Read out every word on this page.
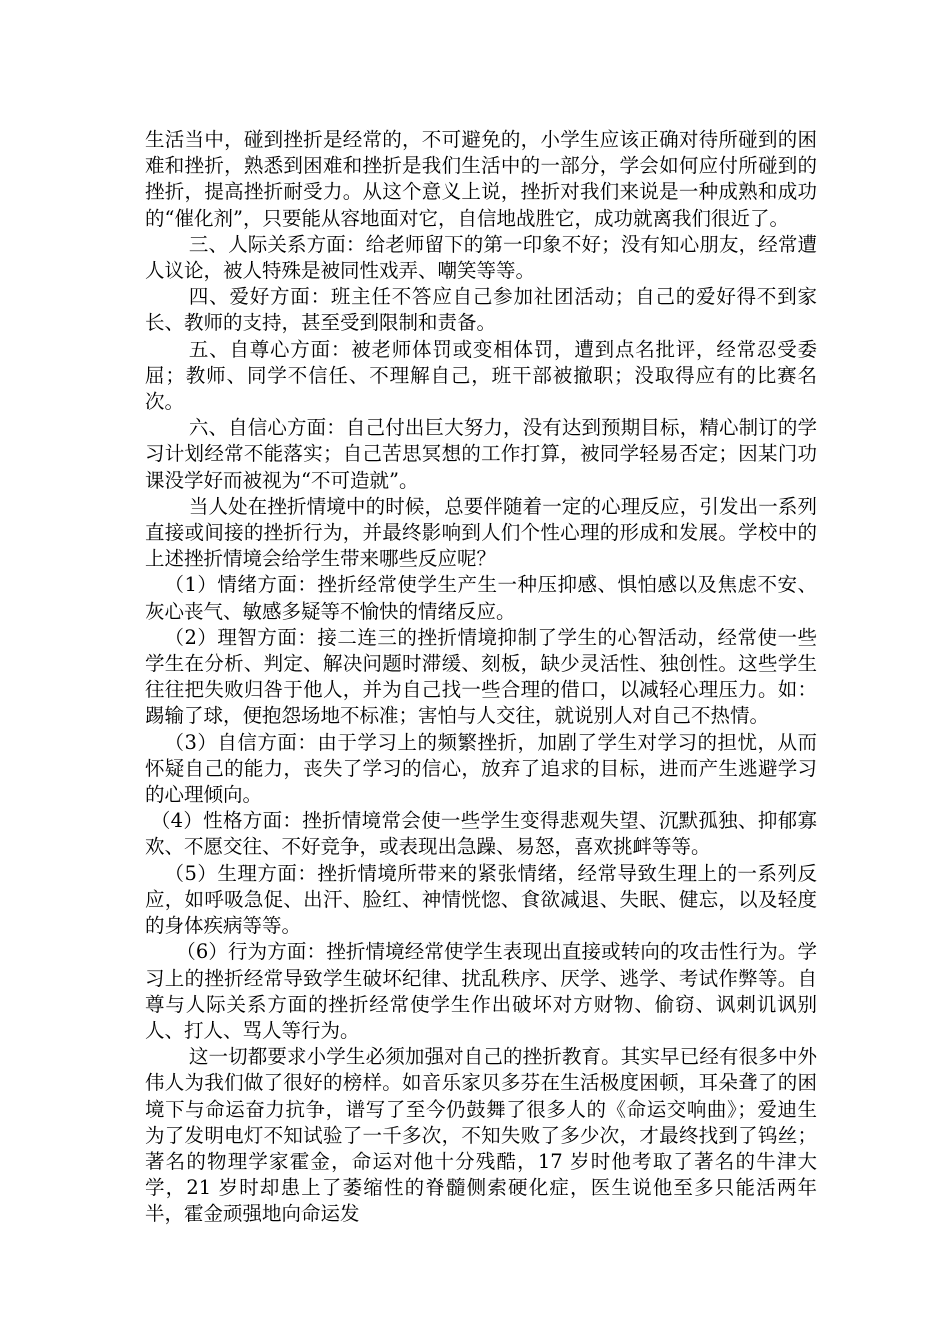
生活当中，碰到挫折是经常的，不可避免的，小学生应该正确对待所碰到的困难和挫折，熟悉到困难和挫折是我们生活中的一部分，学会如何应付所碰到的挫折，提高挫折耐受力。从这个意义上说，挫折对我们来说是一种成熟和成功的“催化剂”，只要能从容地面对它，自信地战胜它，成功就离我们很近了。

三、人际关系方面：给老师留下的第一印象不好；没有知心朋友，经常遭人议论，被人特殊是被同性戏弄、嘲笑等等。

四、爱好方面：班主任不答应自己参加社团活动；自己的爱好得不到家长、教师的支持，甚至受到限制和责备。

五、自尊心方面：被老师体罚或变相体罚，遭到点名批评，经常忍受委屈；教师、同学不信任、不理解自己，班干部被撤职；没取得应有的比赛名次。

六、自信心方面：自己付出巨大努力，没有达到预期目标，精心制订的学习计划经常不能落实；自己苦思冥想的工作打算，被同学轻易否定；因某门功课没学好而被视为“不可造就”。

当人处在挫折情境中的时候，总要伴随着一定的心理反应，引发出一系列直接或间接的挫折行为，并最终影响到人们个性心理的形成和发展。学校中的上述挫折情境会给学生带来哪些反应呢？

（1）情绪方面：挫折经常使学生产生一种压抑感、惧怕感以及焦虑不安、灰心丧气、敏感多疑等不愉快的情绪反应。

（2）理智方面：接二连三的挫折情境抑制了学生的心智活动，经常使一些学生在分析、判定、解决问题时滞缓、刻板，缺少灵活性、独创性。这些学生往往把失败归咎于他人，并为自己找一些合理的借口，以减轻心理压力。如：踢输了球，便抱怨场地不标准；害怕与人交往，就说别人对自己不热情。

（3）自信方面：由于学习上的频繁挫折，加剧了学生对学习的担忧，从而怀疑自己的能力，丧失了学习的信心，放弃了追求的目标，进而产生逃避学习的心理倾向。

（4）性格方面：挫折情境常会使一些学生变得悲观失望、沉默孤独、抑郁寡欢、不愿交往、不好竞争，或表现出急躁、易怒，喜欢挑衅等等。

（5）生理方面：挫折情境所带来的紧张情绪，经常导致生理上的一系列反应，如呼吸急促、出汗、脸红、神情恍惚、食欲减退、失眠、健忘，以及轻度的身体疾病等等。

（6）行为方面：挫折情境经常使学生表现出直接或转向的攻击性行为。学习上的挫折经常导致学生破坏纪律、扰乱秩序、厌学、逃学、考试作弊等。自尊与人际关系方面的挫折经常使学生作出破坏对方财物、偷窃、讽刺讥讽别人、打人、骂人等行为。

这一切都要求小学生必须加强对自己的挫折教育。其实早已经有很多中外伟人为我们做了很好的榜样。如音乐家贝多芬在生活极度困顿，耳朵聋了的困境下与命运奋力抗争，谱写了至今仍鼓舞了很多人的《命运交响曲》；爱迪生为了发明电灯不知试验了一千多次，不知失败了多少次，才最终找到了钨丝；著名的物理学家霍金，命运对他十分残酷，17 岁时他考取了著名的牛津大学，21 岁时却患上了萎缩性的脊髓侧索硬化症，医生说他至多只能活两年半，霍金顽强地向命运发
